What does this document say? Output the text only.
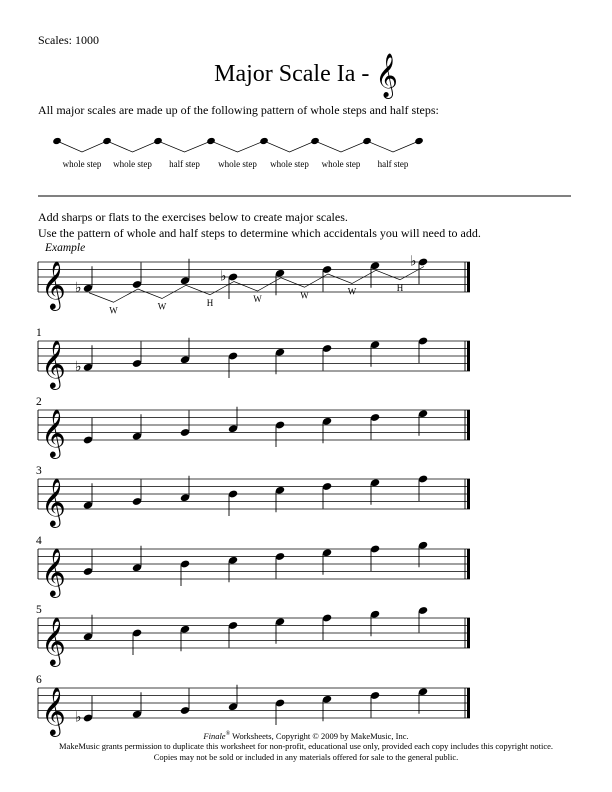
Scales: 1000
Major Scale Ia - 𝄞
All major scales are made up of the following pattern of whole steps and half steps:
whole step whole step half step whole step whole step whole step half step
Add sharps or flats to the exercises below to create major scales.
Use the pattern of whole and half steps to determine which accidentals you will need to add.
Example
1
2
3
4
5
6
𝄞 ♭
♭
♭
W	W	H	W	W	W	H
𝄞 ♭
𝄞
𝄞
𝄞
𝄞
𝄞 ♭
Finale® Worksheets, Copyright © 2009 by MakeMusic, Inc.
MakeMusic grants permission to duplicate this worksheet for non-profit, educational use only, provided each copy includes this copyright notice.
Copies may not be sold or included in any materials offered for sale to the general public.
